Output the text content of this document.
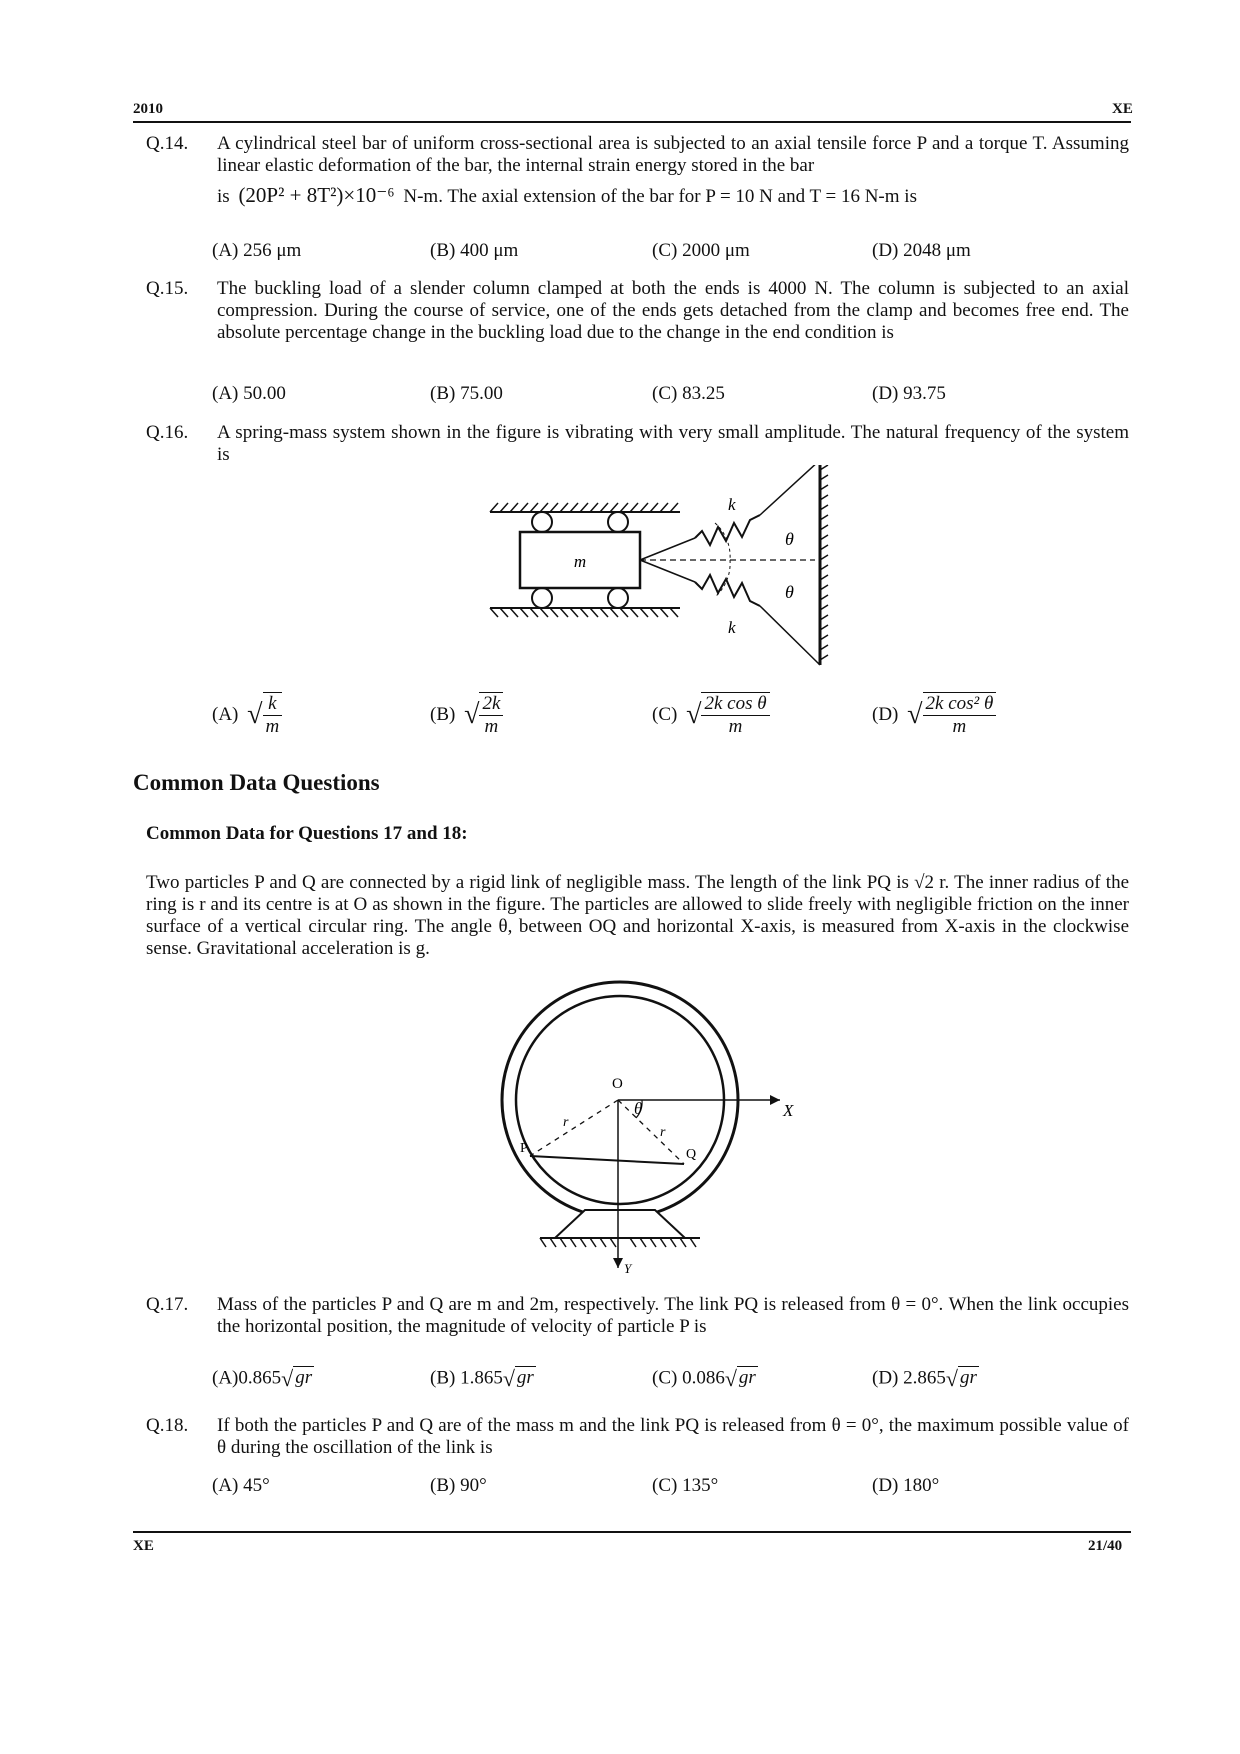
2010	XE
Q.14. A cylindrical steel bar of uniform cross-sectional area is subjected to an axial tensile force P and a torque T. Assuming linear elastic deformation of the bar, the internal strain energy stored in the bar
is (20P² + 8T²)×10⁻⁶ N-m. The axial extension of the bar for P = 10 N and T = 16 N-m is
(A) 256 μm	(B) 400 μm	(C) 2000 μm	(D) 2048 μm
Q.15. The buckling load of a slender column clamped at both the ends is 4000 N. The column is subjected to an axial compression. During the course of service, one of the ends gets detached from the clamp and becomes free end. The absolute percentage change in the buckling load due to the change in the end condition is
(A) 50.00	(B) 75.00	(C) 83.25	(D) 93.75
Q.16. A spring-mass system shown in the figure is vibrating with very small amplitude. The natural frequency of the system is
m
k
k
θ
θ
(A) √ $\frac{k}{m}$	(B) √ $\frac{2k}{m}$	(C) √ $\frac{\text{2k cos θ}}{m}$	(D) √ $\frac{\text{2k cos² θ}}{m}$
Common Data Questions
Common Data for Questions 17 and 18:
Two particles P and Q are connected by a rigid link of negligible mass. The length of the link PQ is √2 r. The inner radius of the ring is r and its centre is at O as shown in the figure. The particles are allowed to slide freely with negligible friction on the inner surface of a vertical circular ring. The angle θ, between OQ and horizontal X-axis, is measured from X-axis in the clockwise sense. Gravitational acceleration is g.
O
X
Y
P	Q
r
r
θ
Q.17. Mass of the particles P and Q are m and 2m, respectively. The link PQ is released from θ = 0°. When the link occupies the horizontal position, the magnitude of velocity of particle P is
(A)0.865√ gr	(B) 1.865√ gr	(C) 0.086√ gr	(D) 2.865√ gr
Q.18. If both the particles P and Q are of the mass m and the link PQ is released from θ = 0°, the maximum possible value of θ during the oscillation of the link is
(A) 45°	(B) 90°	(C) 135°	(D) 180°
XE	21/40
